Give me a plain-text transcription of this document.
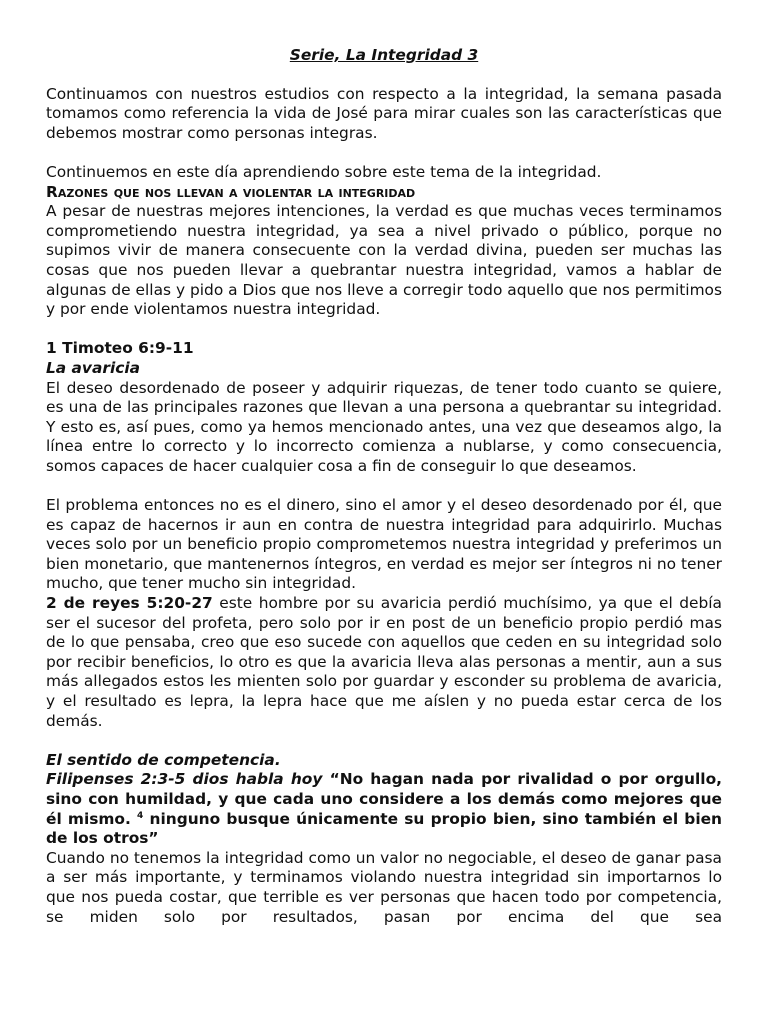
Serie, La Integridad 3

Continuamos con nuestros estudios con respecto a la integridad, la semana pasada tomamos como referencia la vida de José para mirar cuales son las características que debemos mostrar como personas integras.

Continuemos en este día aprendiendo sobre este tema de la integridad.

Razones que nos llevan a violentar la integridad

A pesar de nuestras mejores intenciones, la verdad es que muchas veces terminamos comprometiendo nuestra integridad, ya sea a nivel privado o público, porque no supimos vivir de manera consecuente con la verdad divina, pueden ser muchas las cosas que nos pueden llevar a quebrantar nuestra integridad, vamos a hablar de algunas de ellas y pido a Dios que nos lleve a corregir todo aquello que nos permitimos y por ende violentamos nuestra integridad.

1 Timoteo 6:9-11
La avaricia

El deseo desordenado de poseer y adquirir riquezas, de tener todo cuanto se quiere, es una de las principales razones que llevan a una persona a quebrantar su integridad. Y esto es, así pues, como ya hemos mencionado antes, una vez que deseamos algo, la línea entre lo correcto y lo incorrecto comienza a nublarse, y como consecuencia, somos capaces de hacer cualquier cosa a fin de conseguir lo que deseamos.

El problema entonces no es el dinero, sino el amor y el deseo desordenado por él, que es capaz de hacernos ir aun en contra de nuestra integridad para adquirirlo. Muchas veces solo por un beneficio propio comprometemos nuestra integridad y preferimos un bien monetario, que mantenernos íntegros, en verdad es mejor ser íntegros ni no tener mucho, que tener mucho sin integridad.

2 de reyes 5:20-27 este hombre por su avaricia perdió muchísimo, ya que el debía ser el sucesor del profeta, pero solo por ir en post de un beneficio propio perdió mas de lo que pensaba, creo que eso sucede con aquellos que ceden en su integridad solo por recibir beneficios, lo otro es que la avaricia lleva alas personas a mentir, aun a sus más allegados estos les mienten solo por guardar y esconder su problema de avaricia, y el resultado es lepra, la lepra hace que me aíslen y no pueda estar cerca de los demás.

El sentido de competencia.

Filipenses 2:3-5 dios habla hoy “No hagan nada por rivalidad o por orgullo, sino con humildad, y que cada uno considere a los demás como mejores que él mismo. $^4$ ninguno busque únicamente su propio bien, sino también el bien de los otros”

Cuando no tenemos la integridad como un valor no negociable, el deseo de ganar pasa a ser más importante, y terminamos violando nuestra integridad sin importarnos lo que nos pueda costar, que terrible es ver personas que hacen todo por competencia, se miden solo por resultados, pasan por encima del que sea
